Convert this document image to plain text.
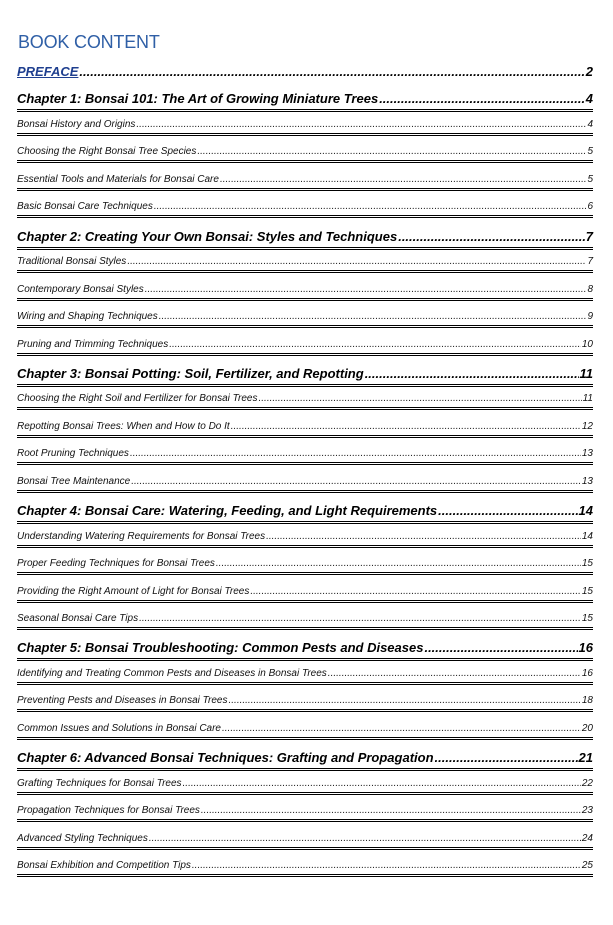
BOOK CONTENT
PREFACE .....	2
Chapter 1: Bonsai 101: The Art of Growing Miniature Trees .....	4
Bonsai History and Origins .....	4
Choosing the Right Bonsai Tree Species .....	5
Essential Tools and Materials for Bonsai Care .....	5
Basic Bonsai Care Techniques .....	6
Chapter 2: Creating Your Own Bonsai: Styles and Techniques .....	7
Traditional Bonsai Styles .....	7
Contemporary Bonsai Styles .....	8
Wiring and Shaping Techniques .....	9
Pruning and Trimming Techniques .....	10
Chapter 3: Bonsai Potting: Soil, Fertilizer, and Repotting .....	11
Choosing the Right Soil and Fertilizer for Bonsai Trees .....	11
Repotting Bonsai Trees: When and How to Do It .....	12
Root Pruning Techniques .....	13
Bonsai Tree Maintenance .....	13
Chapter 4: Bonsai Care: Watering, Feeding, and Light Requirements .....	14
Understanding Watering Requirements for Bonsai Trees .....	14
Proper Feeding Techniques for Bonsai Trees .....	15
Providing the Right Amount of Light for Bonsai Trees .....	15
Seasonal Bonsai Care Tips .....	15
Chapter 5: Bonsai Troubleshooting: Common Pests and Diseases .....	16
Identifying and Treating Common Pests and Diseases in Bonsai Trees .....	16
Preventing Pests and Diseases in Bonsai Trees .....	18
Common Issues and Solutions in Bonsai Care .....	20
Chapter 6: Advanced Bonsai Techniques: Grafting and Propagation .....	21
Grafting Techniques for Bonsai Trees .....	22
Propagation Techniques for Bonsai Trees .....	23
Advanced Styling Techniques .....	24
Bonsai Exhibition and Competition Tips .....	25
